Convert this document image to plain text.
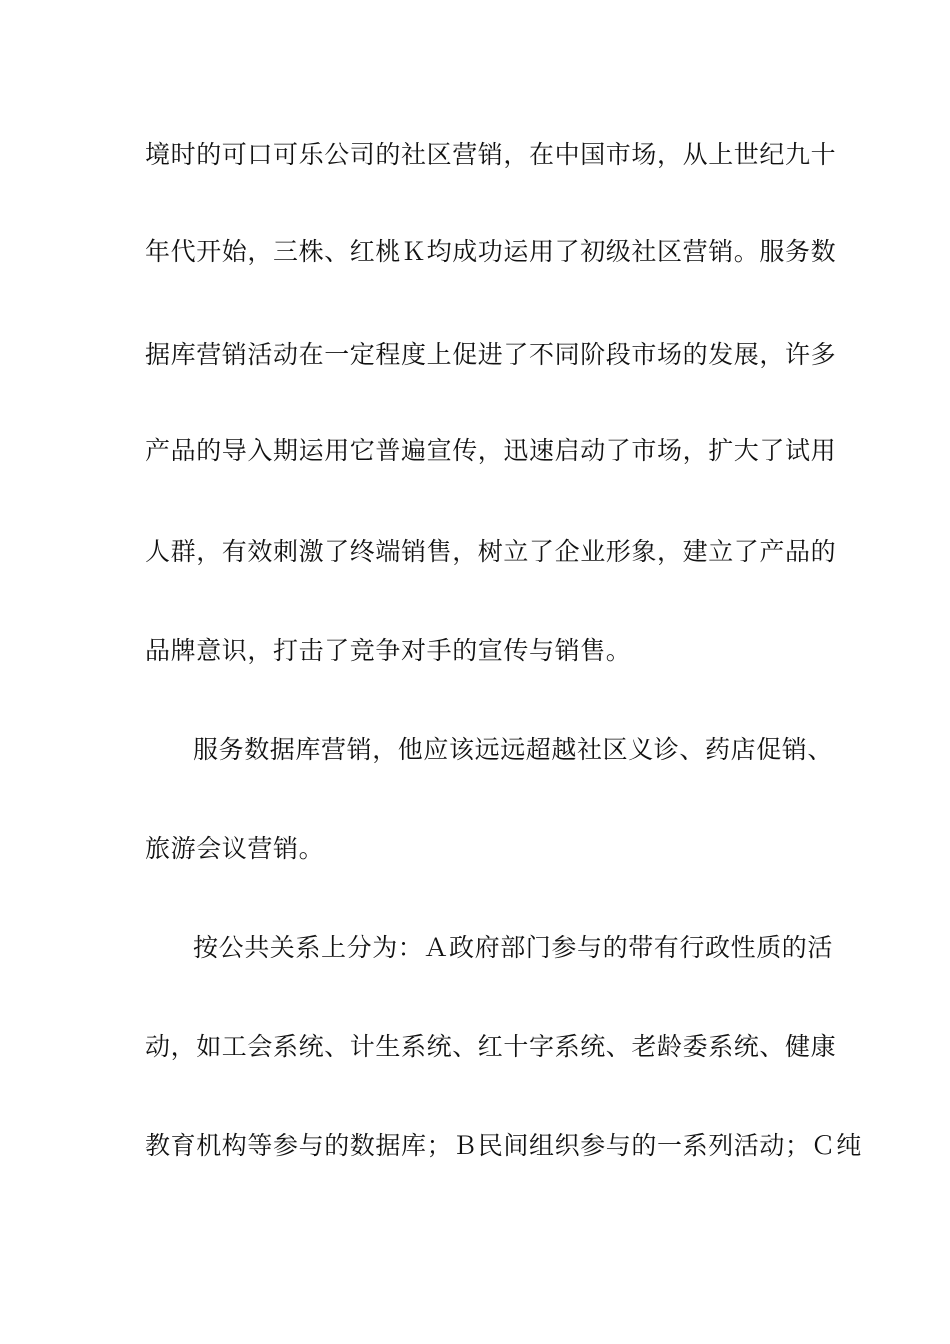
境时的可口可乐公司的社区营销，在中国市场，从上世纪九十
年代开始，三株、红桃Ｋ均成功运用了初级社区营销。服务数
据库营销活动在一定程度上促进了不同阶段市场的发展，许多
产品的导入期运用它普遍宣传，迅速启动了市场，扩大了试用
人群，有效刺激了终端销售，树立了企业形象，建立了产品的
品牌意识，打击了竞争对手的宣传与销售。
服务数据库营销，他应该远远超越社区义诊、药店促销、
旅游会议营销。
按公共关系上分为：Ａ政府部门参与的带有行政性质的活
动，如工会系统、计生系统、红十字系统、老龄委系统、健康
教育机构等参与的数据库；Ｂ民间组织参与的一系列活动；Ｃ纯
